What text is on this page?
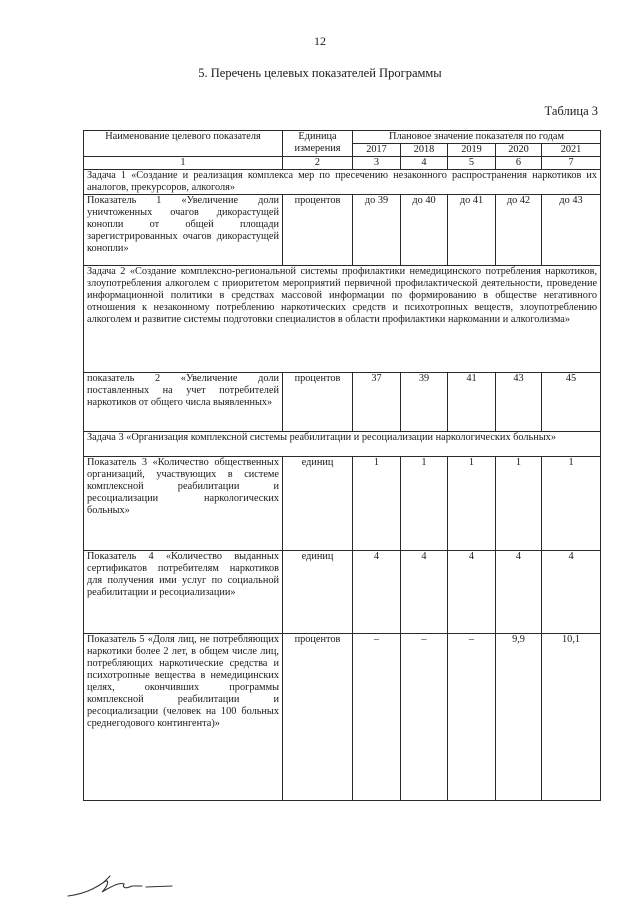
12
5. Перечень целевых показателей Программы
Таблица 3
Наименование целевого показателя	Единица измерения	Плановое значение показателя по годам				
		2017	2018	2019	2020	2021
1	2	3	4	5	6	7
Задача 1 «Создание и реализация комплекса мер по пресечению незаконного распространения наркотиков их аналогов, прекурсоров, алкоголя»						
Показатель 1 «Увеличение доли уничтоженных очагов дикорастущей конопли от общей площади зарегистрированных очагов дикорастущей конопли»	процентов	до 39	до 40	до 41	до 42	до 43
Задача 2 «Создание комплексно-региональной системы профилактики немедицинского потребления наркотиков, злоупотребления алкоголем с приоритетом мероприятий первичной профилактической деятельности, проведение информационной политики в средствах массовой информации по формированию в обществе негативного отношения к незаконному потреблению наркотических средств и психотропных веществ, злоупотреблению алкоголем и развитие системы подготовки специалистов в области профилактики наркомании и алкоголизма»						
показатель 2 «Увеличение доли поставленных на учет потребителей наркотиков от общего числа выявленных»	процентов	37	39	41	43	45
Задача 3 «Организация комплексной системы реабилитации и ресоциализации наркологических больных»						
Показатель 3 «Количество общественных организаций, участвующих в системе комплексной реабилитации и ресоциализации наркологических больных»	единиц	1	1	1	1	1
Показатель 4 «Количество выданных сертификатов потребителям наркотиков для получения ими услуг по социальной реабилитации и ресоциализации»	единиц	4	4	4	4	4
Показатель 5 «Доля лиц, не потребляющих наркотики более 2 лет, в общем числе лиц, потребляющих наркотические средства и психотропные вещества в немедицинских целях, окончивших программы комплексной реабилитации и ресоциализации (человек на 100 больных среднегодового контингента)»	процентов	–	–	–	9,9	10,1
